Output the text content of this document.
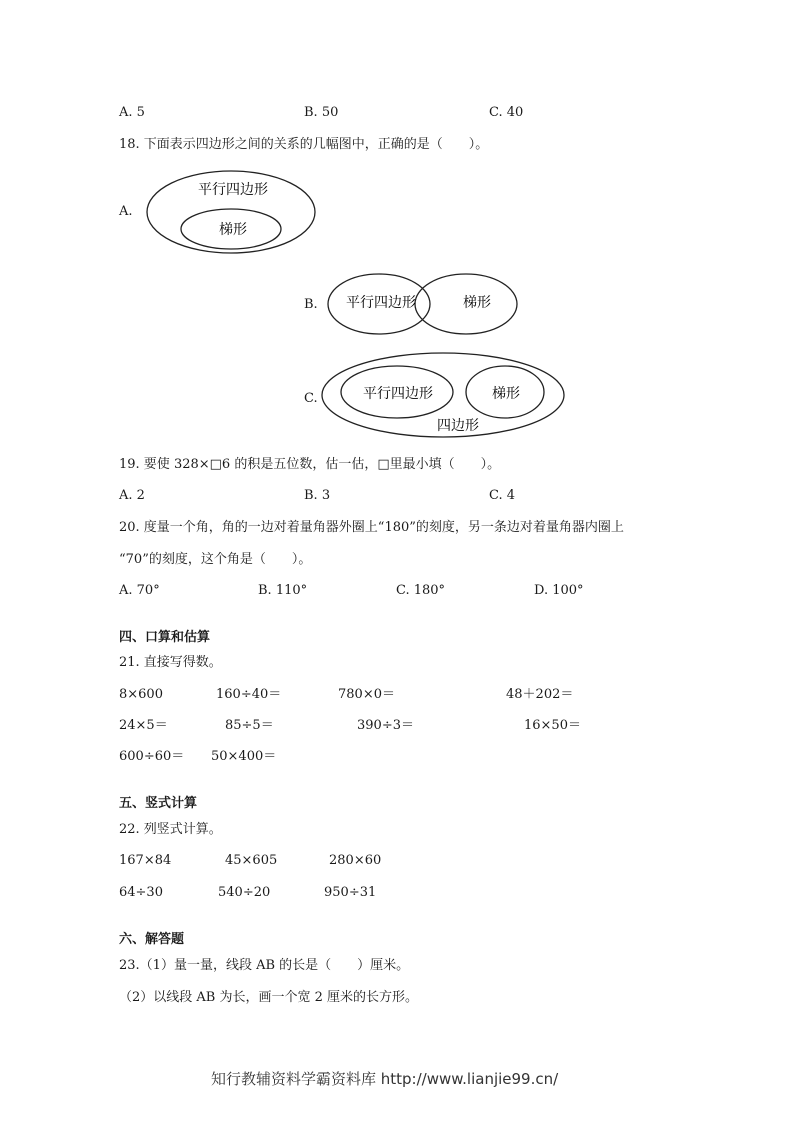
A. 5	B. 50	C. 40
18. 下面表示四边形之间的关系的几幅图中，正确的是（　　）。
A.
平行四边形
梯形
B. 平行四边形	梯形
C.	平行四边形	梯形
四边形
19. 要使 328×□6 的积是五位数，估一估，□里最小填（　　）。
A. 2	B. 3	C. 4
20. 度量一个角，角的一边对着量角器外圈上“180”的刻度，另一条边对着量角器内圈上
“70”的刻度，这个角是（　　）。
A. 70°	B. 110°	C. 180°	D. 100°
四、口算和估算
21. 直接写得数。
8×600	160÷40＝	780×0＝	48＋202＝
24×5＝	85÷5＝	390÷3＝	16×50＝
600÷60＝ 50×400＝
五、竖式计算
22. 列竖式计算。
167×84	45×605	280×60
64÷30	540÷20	950÷31
六、解答题
23.（1）量一量，线段 AB 的长是（　　）厘米。
（2）以线段 AB 为长，画一个宽 2 厘米的长方形。
知行教辅资料学霸资料库 http://www.lianjie99.cn/
